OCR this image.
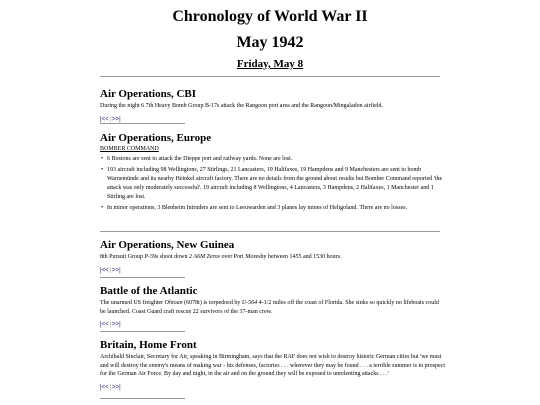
Chronology of World War II
May 1942
Friday, May 8
Air Operations, CBI
During the night 6 7th Heavy Bomb Group B-17s attack the Rangoon port area and the Rangoon/Mingaladon airfield.
|<<|>>|
Air Operations, Europe
BOMBER COMMAND
• 6 Bostons are sent to attack the Dieppe port and railway yards. None are lost.
• 193 aircraft including 98 Wellingtons, 27 Stirlings, 21 Lancasters, 19 Halifaxes, 19 Hampdens and 9 Manchesters are sent to bomb Warnemünde and its nearby Heinkel aircraft factory. There are no details from the ground about results but Bomber Command reported 'the attack was only moderately successful'. 19 aircraft including 8 Wellingtons, 4 Lancasters, 3 Hampdens, 2 Halifaxes, 1 Manchester and 1 Stirling are lost.
• In minor operations, 3 Blenheim Intruders are sent to Leeuwarden and 3 planes lay mines of Heligoland. There are no losses.
Air Operations, New Guinea
8th Pursuit Group P-39s shoot down 2 A6M Zeros over Port Moresby between 1455 and 1530 hours.
|<<|>>|
Battle of the Atlantic
The unarmed US freighter Ohioan (6078t) is torpedoed by U-564 4-1/2 miles off the coast of Florida. She sinks so quickly no lifeboats could be launched. Coast Guard craft rescue 22 survivors of the 37-man crew.
|<<|>>|
Britain, Home Front
Archibald Sinclair, Secretary for Air, speaking in Birmingham, says that the RAF does not wish to destroy historic German cities but 'we must and will destroy the enemy's means of making war - his defenses, factories . . . wherever they may be found . . . a terrible summer is in prospect for the German Air Force. By day and night, in the air and on the ground they will be exposed to unrelenting attacks . . .'
|<<|>>|
